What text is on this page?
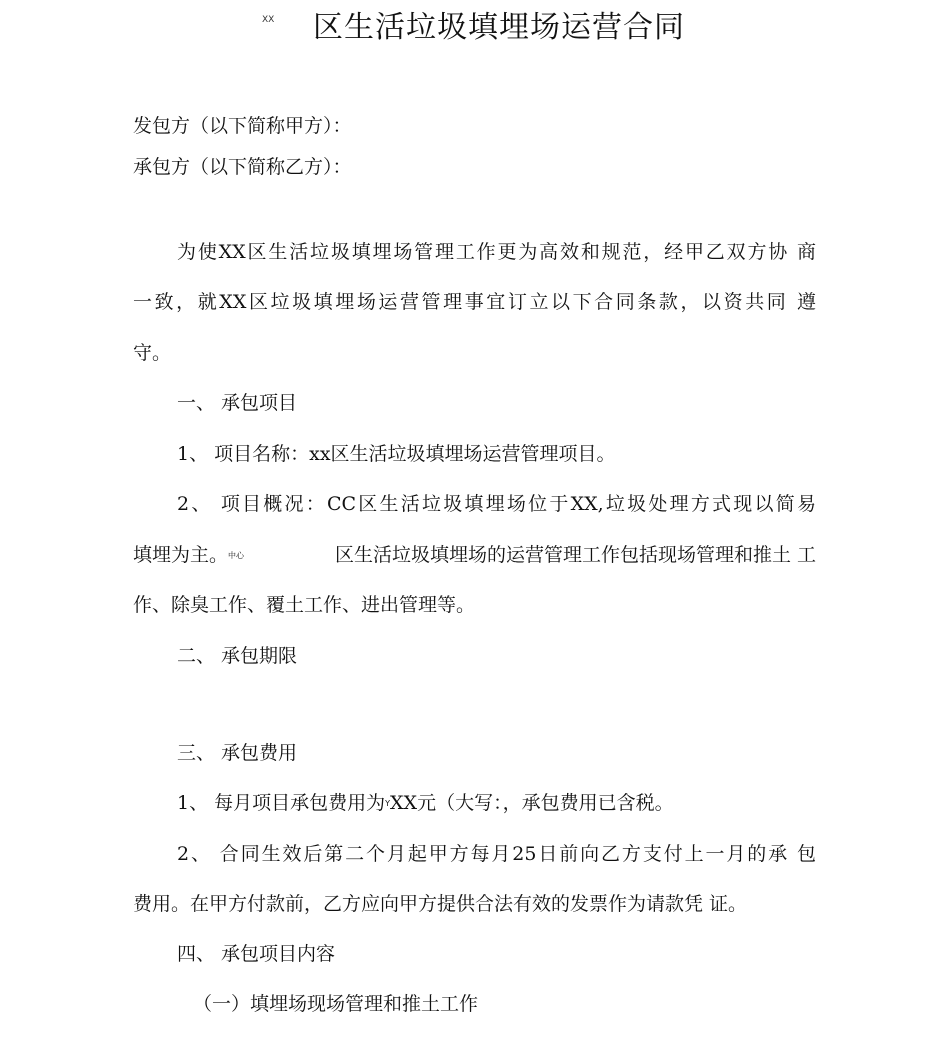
XX 区生活垃圾填埋场运营合同
发包方（以下简称甲方）：
承包方（以下简称乙方）：
为使XX区生活垃圾填埋场管理工作更为高效和规范，经甲乙双方协 商
一致，就XX区垃圾填埋场运营管理事宜订立以下合同条款，以资共同 遵
守。
一、 承包项目
1、 项目名称：xx区生活垃圾填埋场运营管理项目。
2、 项目概况：CC区生活垃圾填埋场位于XX,垃圾处理方式现以简易
填埋为主。中心	区生活垃圾填埋场的运营管理工作包括现场管理和推土 工
作、除臭工作、覆土工作、进出管理等。
二、 承包期限
三、 承包费用
1、 每月项目承包费用为YXX元（大写：，承包费用已含税。
2、 合同生效后第二个月起甲方每月25日前向乙方支付上一月的承 包
费用。在甲方付款前，乙方应向甲方提供合法有效的发票作为请款凭 证。
四、 承包项目内容
（一）填埋场现场管理和推土工作
